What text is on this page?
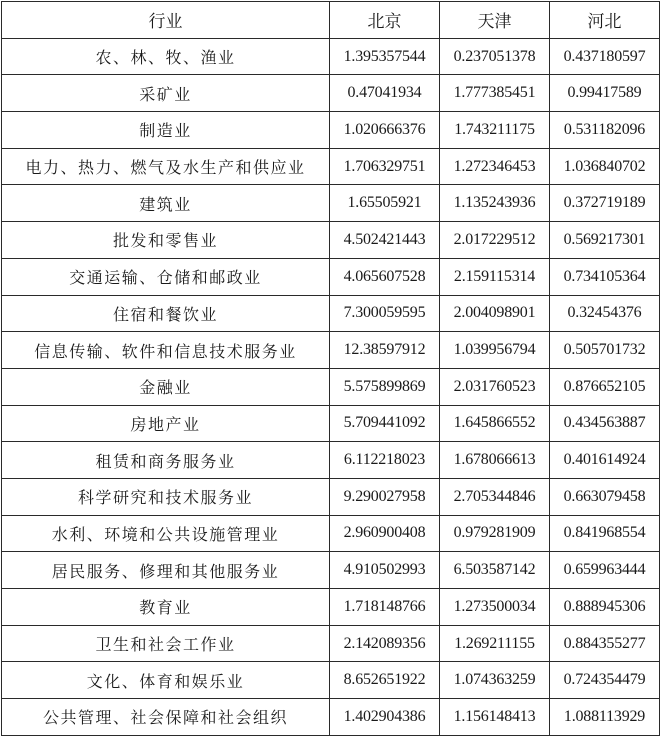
行业	北京	天津	河北
农、林、牧、渔业	1.395357544	0.237051378	0.437180597
采矿业	0.47041934	1.777385451	0.99417589
制造业	1.020666376	1.743211175	0.531182096
电力、热力、燃气及水生产和供应业	1.706329751	1.272346453	1.036840702
建筑业	1.65505921	1.135243936	0.372719189
批发和零售业	4.502421443	2.017229512	0.569217301
交通运输、仓储和邮政业	4.065607528	2.159115314	0.734105364
住宿和餐饮业	7.300059595	2.004098901	0.32454376
信息传输、软件和信息技术服务业	12.38597912	1.039956794	0.505701732
金融业	5.575899869	2.031760523	0.876652105
房地产业	5.709441092	1.645866552	0.434563887
租赁和商务服务业	6.112218023	1.678066613	0.401614924
科学研究和技术服务业	9.290027958	2.705344846	0.663079458
水利、环境和公共设施管理业	2.960900408	0.979281909	0.841968554
居民服务、修理和其他服务业	4.910502993	6.503587142	0.659963444
教育业	1.718148766	1.273500034	0.888945306
卫生和社会工作业	2.142089356	1.269211155	0.884355277
文化、体育和娱乐业	8.652651922	1.074363259	0.724354479
公共管理、社会保障和社会组织	1.402904386	1.156148413	1.088113929
